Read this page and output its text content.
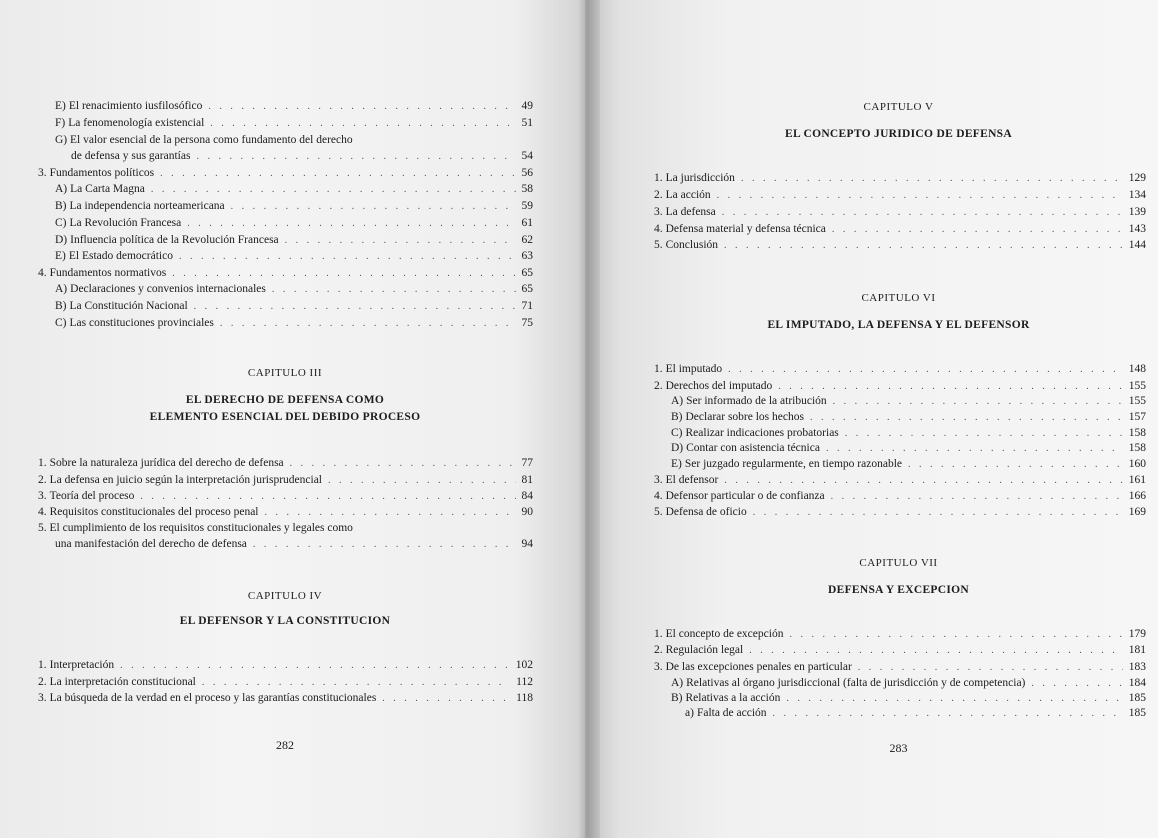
E) El renacimiento iusfilosófico . . .	49
F) La fenomenología existencial . . .	51
G) El valor esencial de la persona como fundamento del derecho
de defensa y sus garantías . . .	54
3. Fundamentos políticos . . .	56
A) La Carta Magna . . .	58
B) La independencia norteamericana . . .	59
C) La Revolución Francesa . . .	61
D) Influencia política de la Revolución Francesa . . .	62
E) El Estado democrático . . .	63
4. Fundamentos normativos . . .	65
A) Declaraciones y convenios internacionales . . .	65
B) La Constitución Nacional . . .	71
C) Las constituciones provinciales . . .	75
CAPITULO III
EL DERECHO DE DEFENSA COMO
ELEMENTO ESENCIAL DEL DEBIDO PROCESO
1. Sobre la naturaleza jurídica del derecho de defensa . . .	77
2. La defensa en juicio según la interpretación jurisprudencial . . .	81
3. Teoría del proceso . . .	84
4. Requisitos constitucionales del proceso penal . . .	90
5. El cumplimiento de los requisitos constitucionales y legales como
una manifestación del derecho de defensa . . .	94
CAPITULO IV
EL DEFENSOR Y LA CONSTITUCION
1. Interpretación . . .	102
2. La interpretación constitucional . . .	112
3. La búsqueda de la verdad en el proceso y las garantías constitucionales . . .	118
282
CAPITULO V
EL CONCEPTO JURIDICO DE DEFENSA
1. La jurisdicción . . .	129
2. La acción . . .	134
3. La defensa . . .	139
4. Defensa material y defensa técnica . . .	143
5. Conclusión . . .	144
CAPITULO VI
EL IMPUTADO, LA DEFENSA Y EL DEFENSOR
1. El imputado . . .	148
2. Derechos del imputado . . .	155
A) Ser informado de la atribución . . .	155
B) Declarar sobre los hechos . . .	157
C) Realizar indicaciones probatorias . . .	158
D) Contar con asistencia técnica . . .	158
E) Ser juzgado regularmente, en tiempo razonable . . .	160
3. El defensor . . .	161
4. Defensor particular o de confianza . . .	166
5. Defensa de oficio . . .	169
CAPITULO VII
DEFENSA Y EXCEPCION
1. El concepto de excepción . . .	179
2. Regulación legal . . .	181
3. De las excepciones penales en particular . . .	183
A) Relativas al órgano jurisdiccional (falta de jurisdicción y de competencia) . . .	184
B) Relativas a la acción . . .	185
a) Falta de acción . . .	185
283
